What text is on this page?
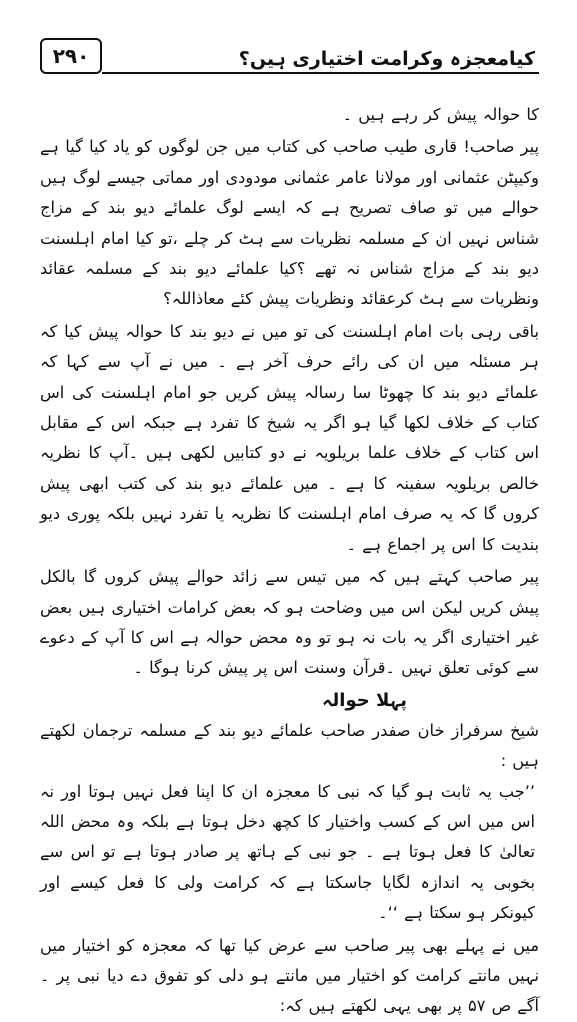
کیامعجزہ وکرامت اختیاری ہیں؟
۲۹۰

کا حوالہ پیش کر رہے ہیں ۔

پیر صاحب! قاری طیب صاحب کی کتاب میں جن لوگوں کو یاد کیا گیا ہے وکیپٹن عثمانی اور مولانا عامر عثمانی مودودی اور مماتی جیسے لوگ ہیں حوالے میں تو صاف تصریح ہے کہ ایسے لوگ علمائے دیو بند کے مزاج شناس نہیں ان کے مسلمہ نظریات سے ہٹ کر چلے ،تو کیا امام اہلسنت دیو بند کے مزاج شناس نہ تھے ؟کیا علمائے دیو بند کے مسلمہ عقائد ونظریات سے ہٹ کرعقائد ونظریات پیش کئے معاذاللہ؟

باقی رہی بات امام اہلسنت کی تو میں نے دیو بند کا حوالہ پیش کیا کہ ہر مسئلہ میں ان کی رائے حرف آخر ہے ۔ میں نے آپ سے کہا کہ علمائے دیو بند کا چھوٹا سا رسالہ پیش کریں جو امام اہلسنت کی اس کتاب کے خلاف لکھا گیا ہو اگر یہ شیخ کا تفرد ہے جبکہ اس کے مقابل اس کتاب کے خلاف علما بریلویہ نے دو کتابیں لکھی ہیں ۔آپ کا نظریہ خالص بریلویہ سفینہ کا ہے ۔ میں علمائے دیو بند کی کتب ابھی پیش کروں گا کہ یہ صرف امام اہلسنت کا نظریہ یا تفرد نہیں بلکہ پوری دیو بندیت کا اس پر اجماع ہے ۔

پیر صاحب کہتے ہیں کہ میں تیس سے زائد حوالے پیش کروں گا بالکل پیش کریں لیکن اس میں وضاحت ہو کہ بعض کرامات اختیاری ہیں بعض غیر اختیاری اگر یہ بات نہ ہو تو وہ محض حوالہ ہے اس کا آپ کے دعوے سے کوئی تعلق نہیں ۔قرآن وسنت اس پر پیش کرنا ہوگا ۔

پہلا حوالہ

شیخ سرفراز خان صفدر صاحب علمائے دیو بند کے مسلمہ ترجمان لکھتے ہیں :

’’جب یہ ثابت ہو گیا کہ نبی کا معجزہ ان کا اپنا فعل نہیں ہوتا اور نہ اس میں اس کے کسب واختیار کا کچھ دخل ہوتا ہے بلکہ وہ محض اللہ تعالیٰ کا فعل ہوتا ہے ۔ جو نبی کے ہاتھ پر صادر ہوتا ہے تو اس سے بخوبی یہ اندازہ لگایا جاسکتا ہے کہ کرامت ولی کا فعل کیسے اور کیونکر ہو سکتا ہے ‘‘۔

میں نے پہلے بھی پیر صاحب سے عرض کیا تھا کہ معجزہ کو اختیار میں نہیں مانتے کرامت کو اختیار میں مانتے ہو دلی کو تفوق دے دیا نبی پر ۔آگے ص ۵۷ پر بھی یہی لکھتے ہیں کہ:
